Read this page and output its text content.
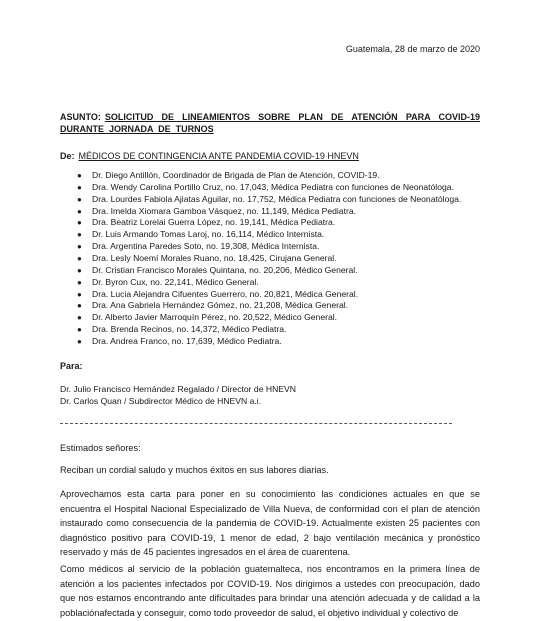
Guatemala, 28 de marzo de 2020
ASUNTO: SOLICITUD DE LINEAMIENTOS SOBRE PLAN DE ATENCIÓN PARA COVID-19 DURANTE JORNADA DE TURNOS
De: MÉDICOS DE CONTINGENCIA ANTE PANDEMIA COVID-19 HNEVN
● Dr. Diego Antillón, Coordinador de Brigada de Plan de Atención, COVID-19.
● Dra. Wendy Carolina Portillo Cruz, no. 17,043, Médica Pediatra con funciones de Neonatóloga.
● Dra. Lourdes Fabiola Ajiatas Aguilar, no. 17,752, Médica Pediatra con funciones de Neonatóloga.
● Dra. Imelda Xiomara Gamboa Vásquez, no. 11,149, Médica Pediatra.
● Dra. Beatriz Lorelai Guerra López, no. 19,141, Médica Pediatra.
● Dr. Luis Armando Tomas Laroj, no. 16,114, Médico Internista.
● Dra. Argentina Paredes Soto, no. 19,308, Médica Internista.
● Dra. Lesly Noemí Morales Ruano, no. 18,425, Cirujana General.
● Dr. Cristian Francisco Morales Quintana, no. 20,206, Médico General.
● Dr. Byron Cux, no. 22,141, Médico General.
● Dra. Lucia Alejandra Cifuentes Guerrero, no. 20,821, Médica General.
● Dra. Ana Gabriela Hernández Gómez, no. 21,208, Médica General.
● Dr. Alberto Javier Marroquín Pérez, no. 20,522, Médico General.
● Dra. Brenda Recinos, no. 14,372, Médico Pediatra.
● Dra. Andrea Franco, no. 17,639, Médico Pediatra.
Para:
Dr. Julio Francisco Hernández Regalado / Director de HNEVN
Dr. Carlos Quan / Subdirector Médico de HNEVN a.i.
Estimados señores:
Reciban un cordial saludo y muchos éxitos en sus labores diarias.
Aprovechamos esta carta para poner en su conocimiento las condiciones actuales en que se encuentra el Hospital Nacional Especializado de Villa Nueva, de conformidad con el plan de atención instaurado como consecuencia de la pandemia de COVID-19. Actualmente existen 25 pacientes con diagnóstico positivo para COVID-19, 1 menor de edad, 2 bajo ventilación mecánica y pronóstico reservado y más de 45 pacientes ingresados en el área de cuarentena.
Como médicos al servicio de la población guatemalteca, nos encontramos en la primera línea de atención a los pacientes infectados por COVID-19. Nos dirigimos a ustedes con preocupación, dado que nos estamos encontrando ante dificultades para brindar una atención adecuada y de calidad a la poblaciónafectada y conseguir, como todo proveedor de salud, el objetivo individual y colectivo de
